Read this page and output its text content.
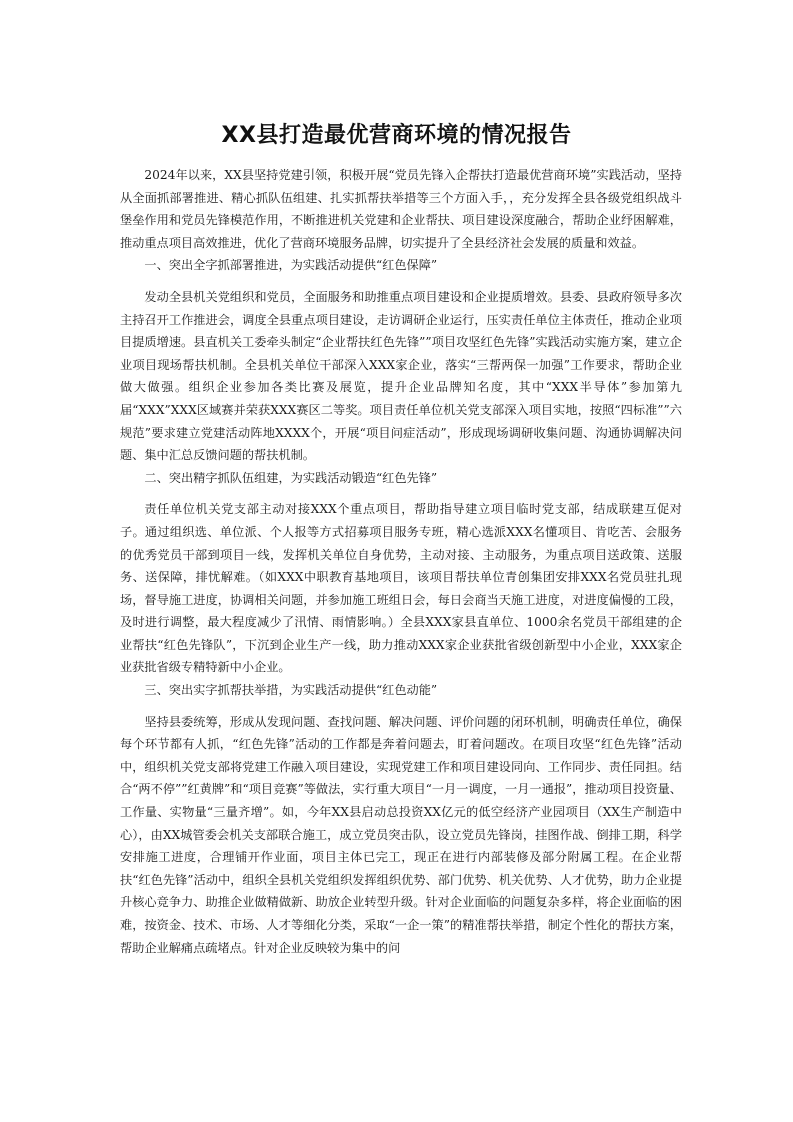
XX县打造最优营商环境的情况报告

2024年以来，XX县坚持党建引领，积极开展“党员先锋入企帮扶打造最优营商环境”实践活动，坚持从全面抓部署推进、精心抓队伍组建、扎实抓帮扶举措等三个方面入手，，充分发挥全县各级党组织战斗堡垒作用和党员先锋模范作用，不断推进机关党建和企业帮扶、项目建设深度融合，帮助企业纾困解难，推动重点项目高效推进，优化了营商环境服务品牌，切实提升了全县经济社会发展的质量和效益。

一、突出全字抓部署推进，为实践活动提供“红色保障”

发动全县机关党组织和党员，全面服务和助推重点项目建设和企业提质增效。县委、县政府领导多次主持召开工作推进会，调度全县重点项目建设，走访调研企业运行，压实责任单位主体责任，推动企业项目提质增速。县直机关工委牵头制定“企业帮扶红色先锋””项目攻坚红色先锋”实践活动实施方案，建立企业项目现场帮扶机制。全县机关单位干部深入XXX家企业，落实“三帮两保一加强”工作要求，帮助企业做大做强。组织企业参加各类比赛及展览，提升企业品牌知名度，其中“XXX半导体”参加第九届“XXX”XXX区域赛并荣获XXX赛区二等奖。项目责任单位机关党支部深入项目实地，按照“四标准””六规范”要求建立党建活动阵地XXXX个，开展“项目问症活动”，形成现场调研收集问题、沟通协调解决问题、集中汇总反馈问题的帮扶机制。

二、突出精字抓队伍组建，为实践活动锻造“红色先锋”

责任单位机关党支部主动对接XXX个重点项目，帮助指导建立项目临时党支部，结成联建互促对子。通过组织选、单位派、个人报等方式招募项目服务专班，精心选派XXX名懂项目、肯吃苦、会服务的优秀党员干部到项目一线，发挥机关单位自身优势，主动对接、主动服务，为重点项目送政策、送服务、送保障，排忧解难。（如XXX中职教育基地项目，该项目帮扶单位青创集团安排XXX名党员驻扎现场，督导施工进度，协调相关问题，并参加施工班组日会，每日会商当天施工进度，对进度偏慢的工段，及时进行调整，最大程度减少了汛情、雨情影响。）全县XXX家县直单位、1000余名党员干部组建的企业帮扶“红色先锋队”，下沉到企业生产一线，助力推动XXX家企业获批省级创新型中小企业，XXX家企业获批省级专精特新中小企业。

三、突出实字抓帮扶举措，为实践活动提供“红色动能”

坚持县委统筹，形成从发现问题、查找问题、解决问题、评价问题的闭环机制，明确责任单位，确保每个环节都有人抓，“红色先锋”活动的工作都是奔着问题去，盯着问题改。在项目攻坚“红色先锋”活动中，组织机关党支部将党建工作融入项目建设，实现党建工作和项目建设同向、工作同步、责任同担。结合“两不停””红黄牌”和“项目竞赛”等做法，实行重大项目“一月一调度，一月一通报”，推动项目投资量、工作量、实物量“三量齐增”。如，今年XX县启动总投资XX亿元的低空经济产业园项目（XX生产制造中心），由XX城管委会机关支部联合施工，成立党员突击队，设立党员先锋岗，挂图作战、倒排工期，科学安排施工进度，合理铺开作业面，项目主体已完工，现正在进行内部装修及部分附属工程。在企业帮扶“红色先锋”活动中，组织全县机关党组织发挥组织优势、部门优势、机关优势、人才优势，助力企业提升核心竞争力、助推企业做精做新、助放企业转型升级。针对企业面临的问题复杂多样，将企业面临的困难，按资金、技术、市场、人才等细化分类，采取“一企一策”的精准帮扶举措，制定个性化的帮扶方案，帮助企业解痛点疏堵点。针对企业反映较为集中的问
